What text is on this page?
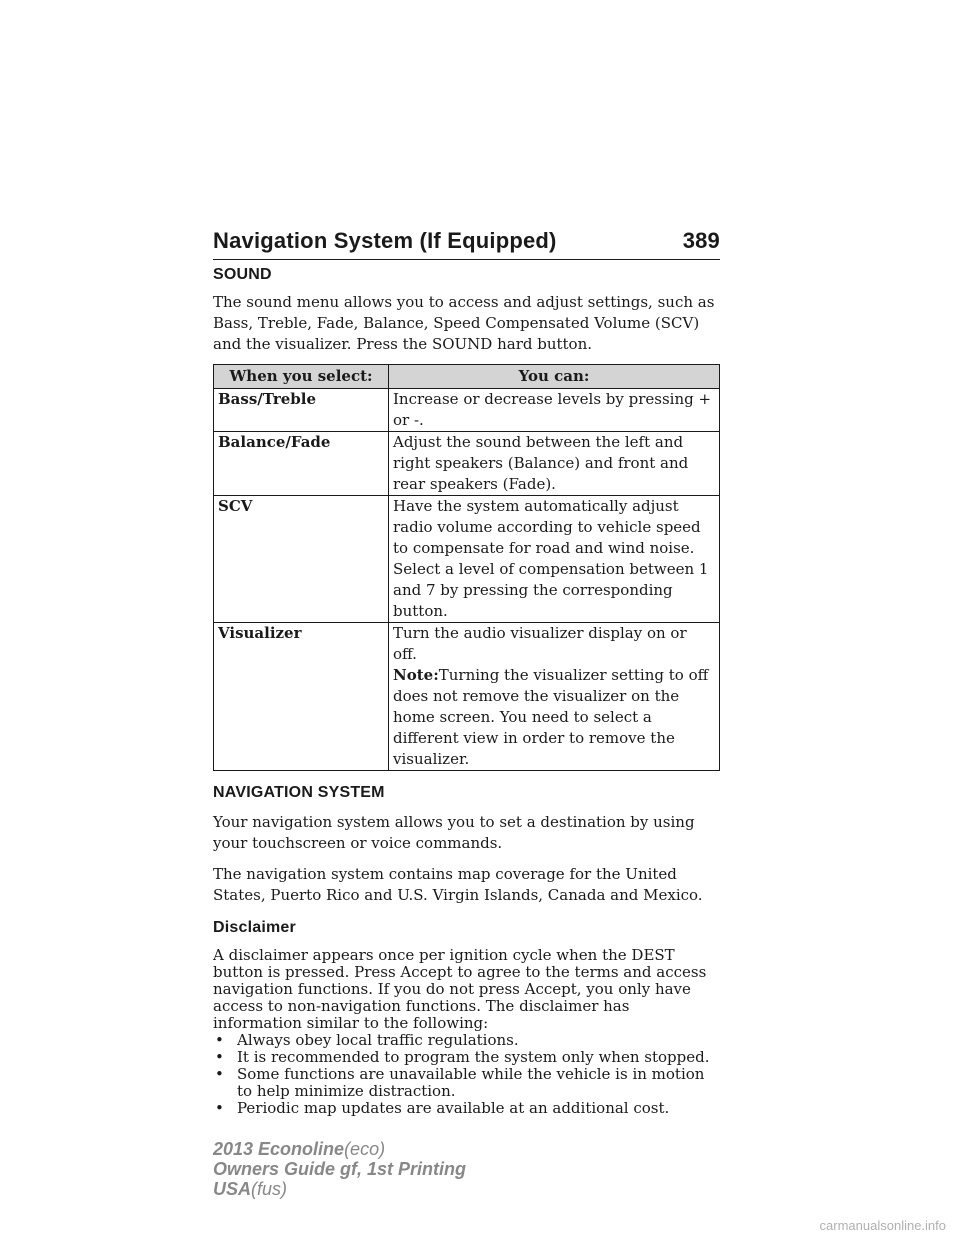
Navigation System (If Equipped)	389
SOUND

The sound menu allows you to access and adjust settings, such as Bass, Treble, Fade, Balance, Speed Compensated Volume (SCV) and the visualizer. Press the SOUND hard button.

When you select:	You can:
Bass/Treble	Increase or decrease levels by pressing + or -.
Balance/Fade	Adjust the sound between the left and right speakers (Balance) and front and rear speakers (Fade).
SCV	Have the system automatically adjust radio volume according to vehicle speed to compensate for road and wind noise. Select a level of compensation between 1 and 7 by pressing the corresponding button.
Visualizer	Turn the audio visualizer display on or off.
Note:Turning the visualizer setting to off does not remove the visualizer on the home screen. You need to select a different view in order to remove the visualizer.
NAVIGATION SYSTEM

Your navigation system allows you to set a destination by using your touchscreen or voice commands.

The navigation system contains map coverage for the United States, Puerto Rico and U.S. Virgin Islands, Canada and Mexico.

Disclaimer

A disclaimer appears once per ignition cycle when the DEST button is pressed. Press Accept to agree to the terms and access navigation functions. If you do not press Accept, you only have access to non-navigation functions. The disclaimer has information similar to the following:

• Always obey local traffic regulations.
• It is recommended to program the system only when stopped.
• Some functions are unavailable while the vehicle is in motion to help minimize distraction.
• Periodic map updates are available at an additional cost.
2013 Econoline(eco)
Owners Guide gf, 1st Printing
USA(fus)
carmanualsonline.info
